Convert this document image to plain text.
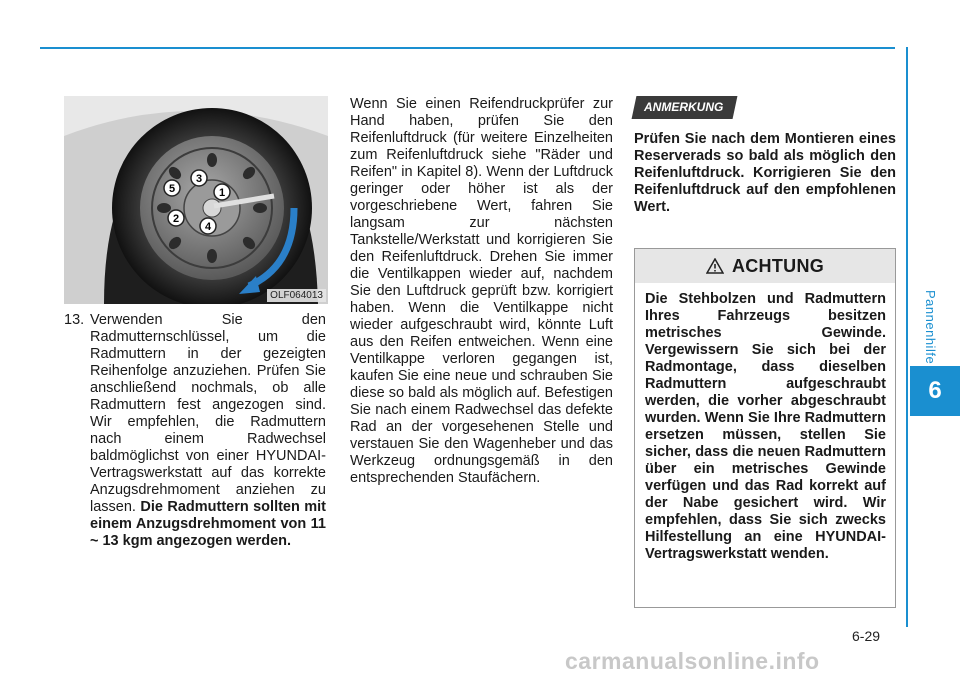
Pannenhilfe
6
1
2
3
4
5
OLF064013
13. Verwenden Sie den Radmutternschlüssel, um die Radmuttern in der gezeigten Reihenfolge anzuziehen. Prüfen Sie anschließend nochmals, ob alle Radmuttern fest angezogen sind. Wir empfehlen, die Radmuttern nach einem Radwechsel baldmöglichst von einer HYUNDAI-Vertragswerkstatt auf das korrekte Anzugsdrehmoment anziehen zu lassen. Die Radmuttern sollten mit einem Anzugsdrehmoment von 11 ~ 13 kgm angezogen werden.
Wenn Sie einen Reifendruckprüfer zur Hand haben, prüfen Sie den Reifenluftdruck (für weitere Einzelheiten zum Reifenluftdruck siehe "Räder und Reifen" in Kapitel 8). Wenn der Luftdruck geringer oder höher ist als der vorgeschriebene Wert, fahren Sie langsam zur nächsten Tankstelle/Werkstatt und korrigieren Sie den Reifenluftdruck. Drehen Sie immer die Ventilkappen wieder auf, nachdem Sie den Luftdruck geprüft bzw. korrigiert haben. Wenn die Ventilkappe nicht wieder aufgeschraubt wird, könnte Luft aus den Reifen entweichen. Wenn eine Ventilkappe verloren gegangen ist, kaufen Sie eine neue und schrauben Sie diese so bald als möglich auf. Befestigen Sie nach einem Radwechsel das defekte Rad an der vorgesehenen Stelle und verstauen Sie den Wagenheber und das Werkzeug ordnungsgemäß in den entsprechenden Staufächern.
ANMERKUNG
Prüfen Sie nach dem Montieren eines Reserverads so bald als möglich den Reifenluftdruck. Korrigieren Sie den Reifenluftdruck auf den empfohlenen Wert.
ACHTUNG
Die Stehbolzen und Radmuttern Ihres Fahrzeugs besitzen metrisches Gewinde. Vergewissern Sie sich bei der Radmontage, dass dieselben Radmuttern aufgeschraubt werden, die vorher abgeschraubt wurden. Wenn Sie Ihre Radmuttern ersetzen müssen, stellen Sie sicher, dass die neuen Radmuttern über ein metrisches Gewinde verfügen und das Rad korrekt auf der Nabe gesichert wird. Wir empfehlen, dass Sie sich zwecks Hilfestellung an eine HYUNDAI-Vertragswerkstatt wenden.
6-29
carmanualsonline.info
